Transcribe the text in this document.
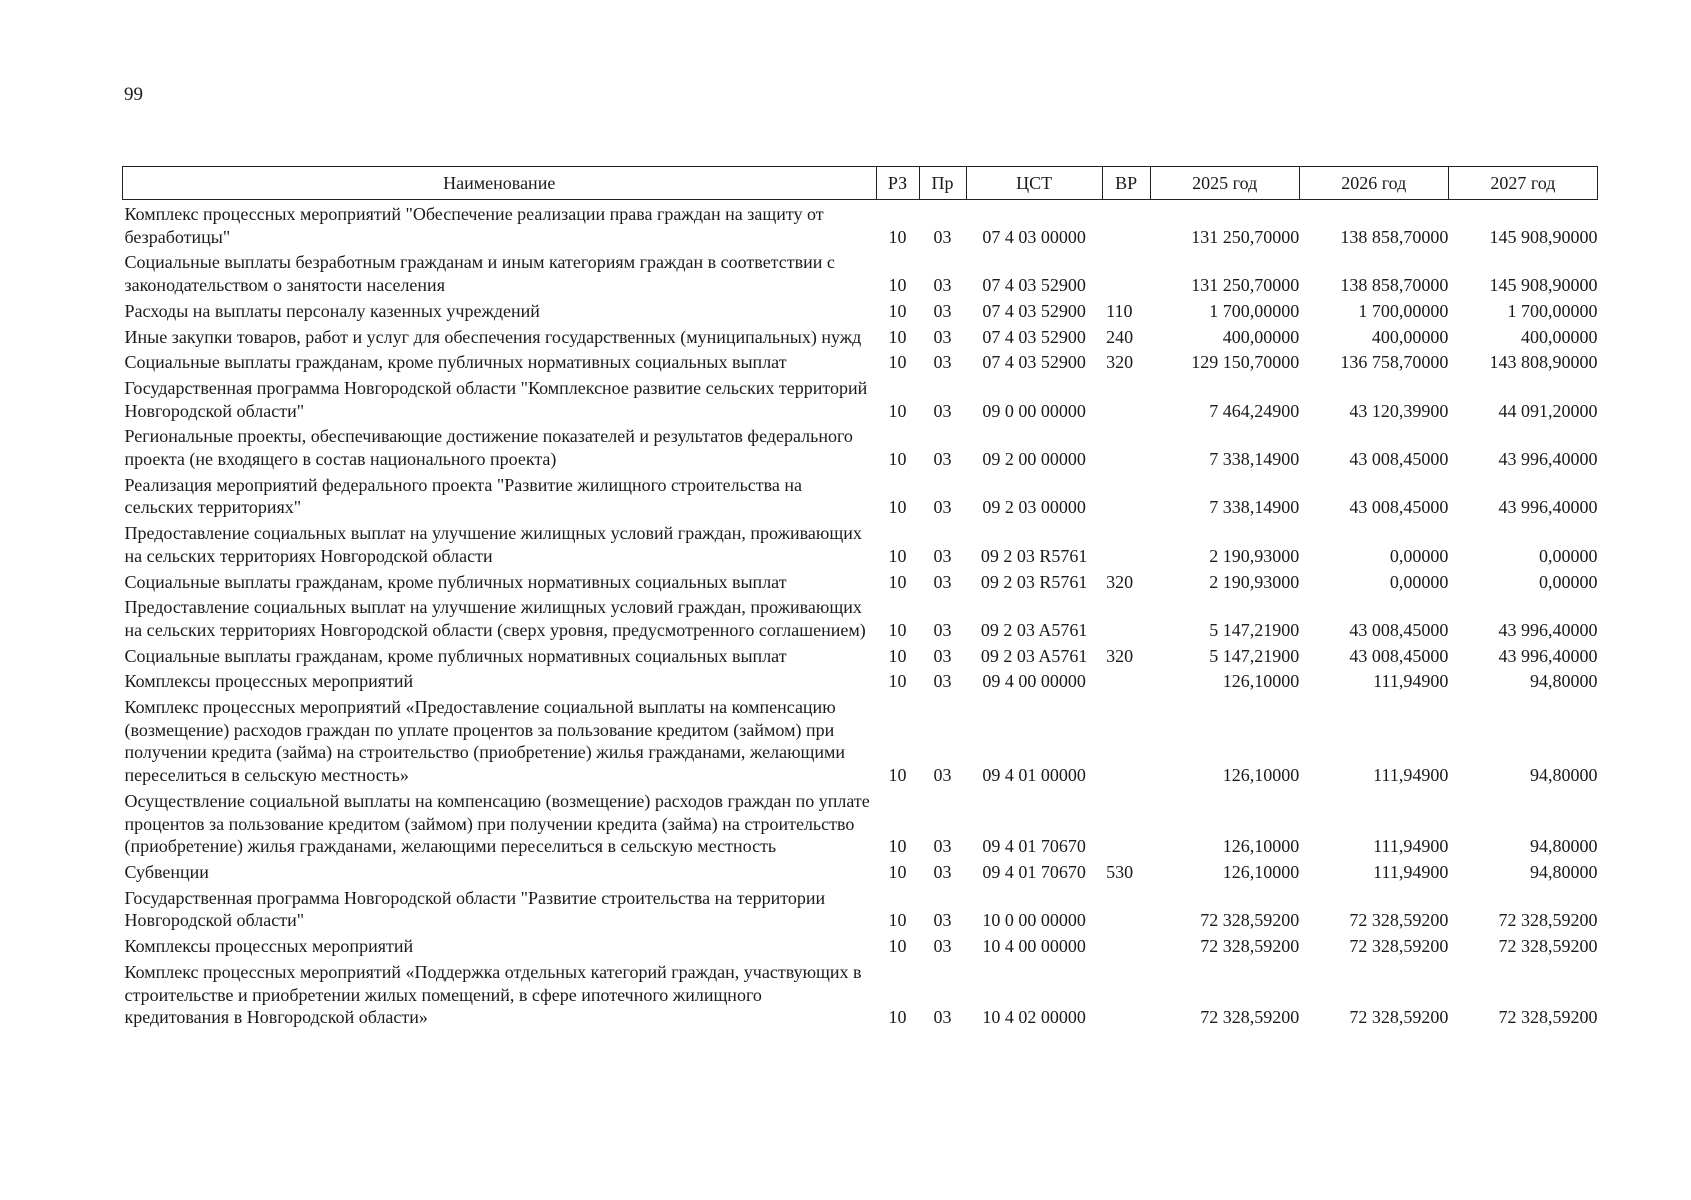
99
Наименование	РЗ	Пр	ЦСТ	ВР	2025 год	2026 год	2027 год
Комплекс процессных мероприятий "Обеспечение реализации права граждан на защиту от безработицы"	10	03	07 4 03 00000		131 250,70000	138 858,70000	145 908,90000
Социальные выплаты безработным гражданам и иным категориям граждан в соответствии с законодательством о занятости населения	10	03	07 4 03 52900		131 250,70000	138 858,70000	145 908,90000
Расходы на выплаты персоналу казенных учреждений	10	03	07 4 03 52900	110	1 700,00000	1 700,00000	1 700,00000
Иные закупки товаров, работ и услуг для обеспечения государственных (муниципальных) нужд	10	03	07 4 03 52900	240	400,00000	400,00000	400,00000
Социальные выплаты гражданам, кроме публичных нормативных социальных выплат	10	03	07 4 03 52900	320	129 150,70000	136 758,70000	143 808,90000
Государственная программа Новгородской области "Комплексное развитие сельских территорий Новгородской области"	10	03	09 0 00 00000		7 464,24900	43 120,39900	44 091,20000
Региональные проекты, обеспечивающие достижение показателей и результатов федерального проекта (не входящего в состав национального проекта)	10	03	09 2 00 00000		7 338,14900	43 008,45000	43 996,40000
Реализация мероприятий федерального проекта "Развитие жилищного строительства на сельских территориях"	10	03	09 2 03 00000		7 338,14900	43 008,45000	43 996,40000
Предоставление социальных выплат на улучшение жилищных условий граждан, проживающих на сельских территориях Новгородской области	10	03	09 2 03 R5761		2 190,93000	0,00000	0,00000
Социальные выплаты гражданам, кроме публичных нормативных социальных выплат	10	03	09 2 03 R5761	320	2 190,93000	0,00000	0,00000
Предоставление социальных выплат на улучшение жилищных условий граждан, проживающих на сельских территориях Новгородской области (сверх уровня, предусмотренного соглашением)	10	03	09 2 03 A5761		5 147,21900	43 008,45000	43 996,40000
Социальные выплаты гражданам, кроме публичных нормативных социальных выплат	10	03	09 2 03 A5761	320	5 147,21900	43 008,45000	43 996,40000
Комплексы процессных мероприятий	10	03	09 4 00 00000		126,10000	111,94900	94,80000
Комплекс процессных мероприятий «Предоставление социальной выплаты на компенсацию (возмещение) расходов граждан по уплате процентов за пользование кредитом (займом) при получении кредита (займа) на строительство (приобретение) жилья гражданами, желающими переселиться в сельскую местность»	10	03	09 4 01 00000		126,10000	111,94900	94,80000
Осуществление социальной выплаты на компенсацию (возмещение) расходов граждан по уплате процентов за пользование кредитом (займом) при получении кредита (займа) на строительство (приобретение) жилья гражданами, желающими переселиться в сельскую местность	10	03	09 4 01 70670		126,10000	111,94900	94,80000
Субвенции	10	03	09 4 01 70670	530	126,10000	111,94900	94,80000
Государственная программа Новгородской области "Развитие строительства на территории Новгородской области"	10	03	10 0 00 00000		72 328,59200	72 328,59200	72 328,59200
Комплексы процессных мероприятий	10	03	10 4 00 00000		72 328,59200	72 328,59200	72 328,59200
Комплекс процессных мероприятий «Поддержка отдельных категорий граждан, участвующих в строительстве и приобретении жилых помещений, в сфере ипотечного жилищного кредитования в Новгородской области»	10	03	10 4 02 00000		72 328,59200	72 328,59200	72 328,59200
